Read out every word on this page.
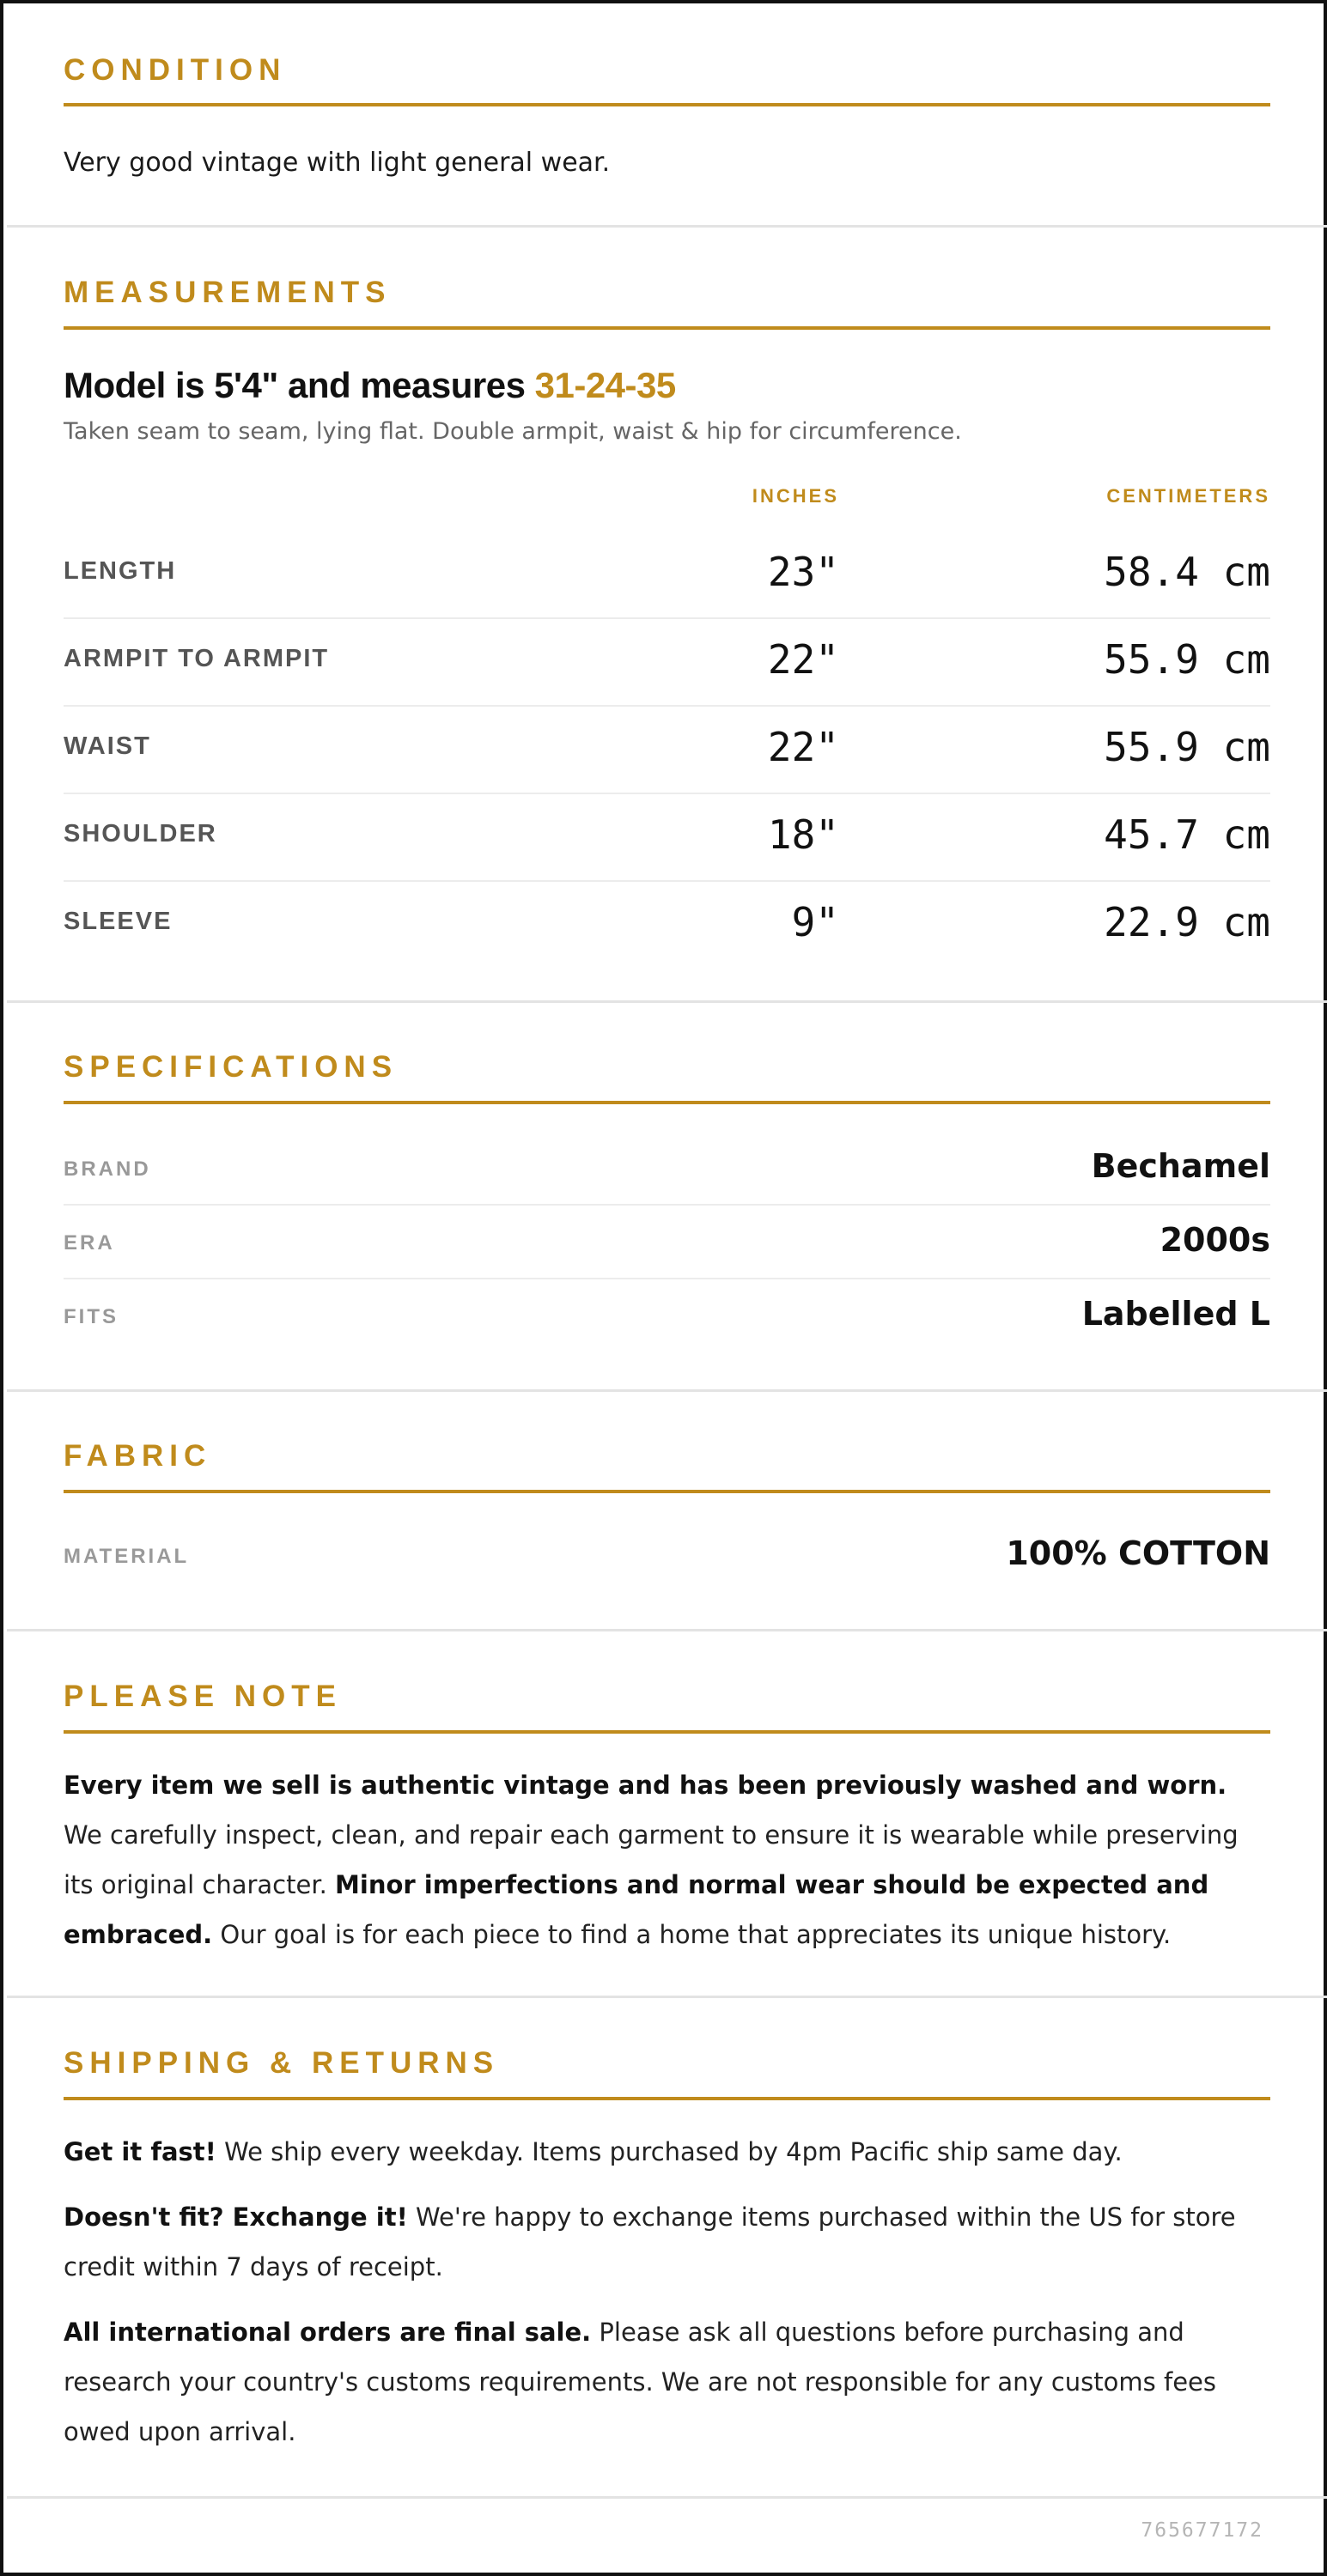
CONDITION
Very good vintage with light general wear.
MEASUREMENTS
Model is 5'4" and measures 31-24-35
Taken seam to seam, lying flat. Double armpit, waist & hip for circumference.
INCHES	CENTIMETERS
LENGTH	23"	58.4 cm
ARMPIT TO ARMPIT	22"	55.9 cm
WAIST	22"	55.9 cm
SHOULDER	18"	45.7 cm
SLEEVE	9"	22.9 cm
SPECIFICATIONS
BRAND	Bechamel
ERA	2000s
FITS	Labelled L
FABRIC
MATERIAL	100% COTTON
PLEASE NOTE
Every item we sell is authentic vintage and has been previously washed and worn. We carefully inspect, clean, and repair each garment to ensure it is wearable while preserving its original character. Minor imperfections and normal wear should be expected and embraced. Our goal is for each piece to find a home that appreciates its unique history.
SHIPPING & RETURNS

Get it fast! We ship every weekday. Items purchased by 4pm Pacific ship same day.

Doesn't fit? Exchange it! We're happy to exchange items purchased within the US for store credit within 7 days of receipt.

All international orders are final sale. Please ask all questions before purchasing and research your country's customs requirements. We are not responsible for any customs fees owed upon arrival.

765677172
